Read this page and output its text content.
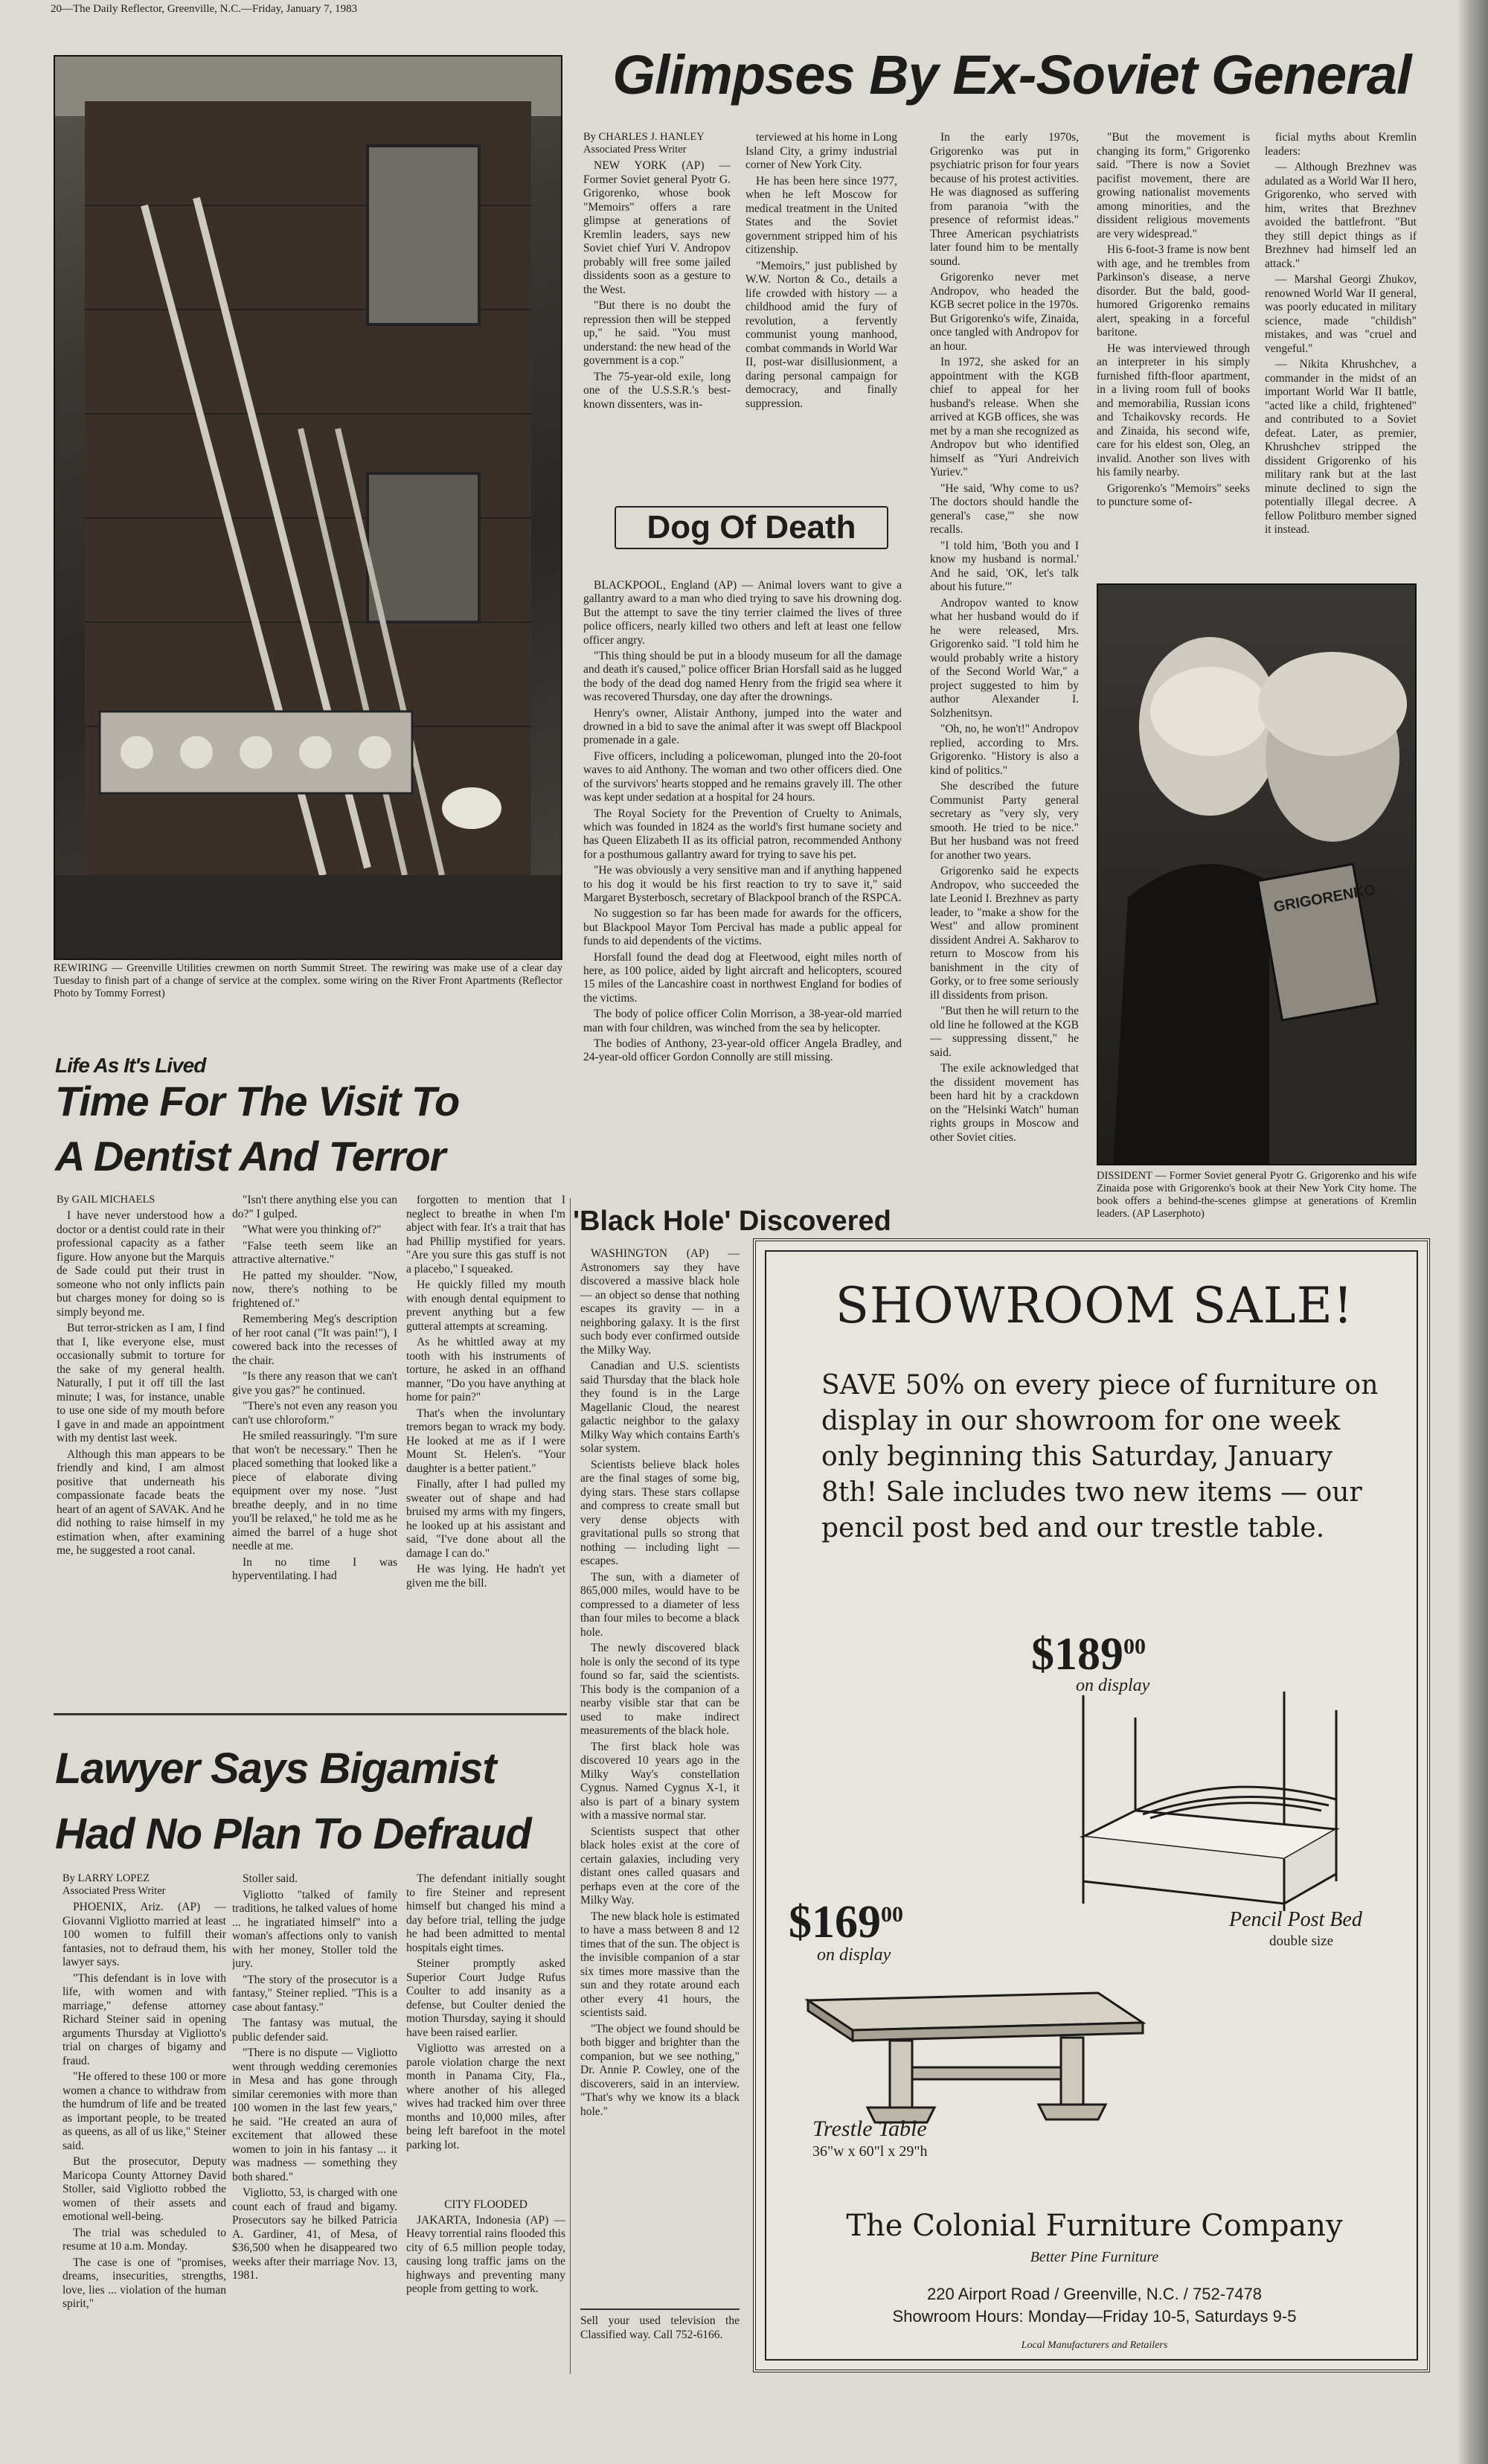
20—The Daily Reflector, Greenville, N.C.—Friday, January 7, 1983
REWIRING — Greenville Utilities crewmen on north Summit Street. The rewiring was make use of a clear day Tuesday to finish part of a change of service at the complex. some wiring on the River Front Apartments (Reflector Photo by Tommy Forrest)
Glimpses By Ex-Soviet General
By CHARLES J. HANLEY
Associated Press Writer

NEW YORK (AP) — Former Soviet general Pyotr G. Grigorenko, whose book "Memoirs" offers a rare glimpse at generations of Kremlin leaders, says new Soviet chief Yuri V. Andropov probably will free some jailed dissidents soon as a gesture to the West.

"But there is no doubt the repression then will be stepped up," he said. "You must understand: the new head of the government is a cop."

The 75-year-old exile, long one of the U.S.S.R.'s best-known dissenters, was in-

terviewed at his home in Long Island City, a grimy industrial corner of New York City.

He has been here since 1977, when he left Moscow for medical treatment in the United States and the Soviet government stripped him of his citizenship.

"Memoirs," just published by W.W. Norton & Co., details a life crowded with history — a childhood amid the fury of revolution, a fervently communist young manhood, combat commands in World War II, post-war disillusionment, a daring personal campaign for democracy, and finally suppression.

In the early 1970s, Grigorenko was put in psychiatric prison for four years because of his protest activities. He was diagnosed as suffering from paranoia "with the presence of reformist ideas." Three American psychiatrists later found him to be mentally sound.

Grigorenko never met Andropov, who headed the KGB secret police in the 1970s. But Grigorenko's wife, Zinaida, once tangled with Andropov for an hour.

In 1972, she asked for an appointment with the KGB chief to appeal for her husband's release. When she arrived at KGB offices, she was met by a man she recognized as Andropov but who identified himself as "Yuri Andreivich Yuriev."

"He said, 'Why come to us? The doctors should handle the general's case,'" she now recalls.

"I told him, 'Both you and I know my husband is normal.' And he said, 'OK, let's talk about his future.'"

Andropov wanted to know what her husband would do if he were released, Mrs. Grigorenko said. "I told him he would probably write a history of the Second World War," a project suggested to him by author Alexander I. Solzhenitsyn.

"Oh, no, he won't!" Andropov replied, according to Mrs. Grigorenko. "History is also a kind of politics."

She described the future Communist Party general secretary as "very sly, very smooth. He tried to be nice." But her husband was not freed for another two years.

Grigorenko said he expects Andropov, who succeeded the late Leonid I. Brezhnev as party leader, to "make a show for the West" and allow prominent dissident Andrei A. Sakharov to return to Moscow from his banishment in the city of Gorky, or to free some seriously ill dissidents from prison.

"But then he will return to the old line he followed at the KGB — suppressing dissent," he said.

The exile acknowledged that the dissident movement has been hard hit by a crackdown on the "Helsinki Watch" human rights groups in Moscow and other Soviet cities.

"But the movement is changing its form," Grigorenko said. "There is now a Soviet pacifist movement, there are growing nationalist movements among minorities, and the dissident religious movements are very widespread."

His 6-foot-3 frame is now bent with age, and he trembles from Parkinson's disease, a nerve disorder. But the bald, good-humored Grigorenko remains alert, speaking in a forceful baritone.

He was interviewed through an interpreter in his simply furnished fifth-floor apartment, in a living room full of books and memorabilia, Russian icons and Tchaikovsky records. He and Zinaida, his second wife, care for his eldest son, Oleg, an invalid. Another son lives with his family nearby.

Grigorenko's "Memoirs" seeks to puncture some of-

ficial myths about Kremlin leaders:

— Although Brezhnev was adulated as a World War II hero, Grigorenko, who served with him, writes that Brezhnev avoided the battlefront. "But they still depict things as if Brezhnev had himself led an attack."

— Marshal Georgi Zhukov, renowned World War II general, was poorly educated in military science, made "childish" mistakes, and was "cruel and vengeful."

— Nikita Khrushchev, a commander in the midst of an important World War II battle, "acted like a child, frightened" and contributed to a Soviet defeat. Later, as premier, Khrushchev stripped the dissident Grigorenko of his military rank but at the last minute declined to sign the potentially illegal decree. A fellow Politburo member signed it instead.

GRIGORENKO
DISSIDENT — Former Soviet general Pyotr G. Grigorenko and his wife Zinaida pose with Grigorenko's book at their New York City home. The book offers a behind-the-scenes glimpse at generations of Kremlin leaders. (AP Laserphoto)
Dog Of Death

BLACKPOOL, England (AP) — Animal lovers want to give a gallantry award to a man who died trying to save his drowning dog. But the attempt to save the tiny terrier claimed the lives of three police officers, nearly killed two others and left at least one fellow officer angry.

"This thing should be put in a bloody museum for all the damage and death it's caused," police officer Brian Horsfall said as he lugged the body of the dead dog named Henry from the frigid sea where it was recovered Thursday, one day after the drownings.

Henry's owner, Alistair Anthony, jumped into the water and drowned in a bid to save the animal after it was swept off Blackpool promenade in a gale.

Five officers, including a policewoman, plunged into the 20-foot waves to aid Anthony. The woman and two other officers died. One of the survivors' hearts stopped and he remains gravely ill. The other was kept under sedation at a hospital for 24 hours.

The Royal Society for the Prevention of Cruelty to Animals, which was founded in 1824 as the world's first humane society and has Queen Elizabeth II as its official patron, recommended Anthony for a posthumous gallantry award for trying to save his pet.

"He was obviously a very sensitive man and if anything happened to his dog it would be his first reaction to try to save it," said Margaret Bysterbosch, secretary of Blackpool branch of the RSPCA.

No suggestion so far has been made for awards for the officers, but Blackpool Mayor Tom Percival has made a public appeal for funds to aid dependents of the victims.

Horsfall found the dead dog at Fleetwood, eight miles north of here, as 100 police, aided by light aircraft and helicopters, scoured 15 miles of the Lancashire coast in northwest England for bodies of the victims.

The body of police officer Colin Morrison, a 38-year-old married man with four children, was winched from the sea by helicopter.

The bodies of Anthony, 23-year-old officer Angela Bradley, and 24-year-old officer Gordon Connolly are still missing.

Life As It's Lived
Time For The Visit To
A Dentist And Terror
By GAIL MICHAELS

I have never understood how a doctor or a dentist could rate in their professional capacity as a father figure. How anyone but the Marquis de Sade could put their trust in someone who not only inflicts pain but charges money for doing so is simply beyond me.

But terror-stricken as I am, I find that I, like everyone else, must occasionally submit to torture for the sake of my general health. Naturally, I put it off till the last minute; I was, for instance, unable to use one side of my mouth before I gave in and made an appointment with my dentist last week.

Although this man appears to be friendly and kind, I am almost positive that underneath his compassionate facade beats the heart of an agent of SAVAK. And he did nothing to raise himself in my estimation when, after examining me, he suggested a root canal.

"Isn't there anything else you can do?" I gulped.

"What were you thinking of?"

"False teeth seem like an attractive alternative."

He patted my shoulder. "Now, now, there's nothing to be frightened of."

Remembering Meg's description of her root canal ("It was pain!"), I cowered back into the recesses of the chair.

"Is there any reason that we can't give you gas?" he continued.

"There's not even any reason you can't use chloroform."

He smiled reassuringly. "I'm sure that won't be necessary." Then he placed something that looked like a piece of elaborate diving equipment over my nose. "Just breathe deeply, and in no time you'll be relaxed," he told me as he aimed the barrel of a huge shot needle at me.

In no time I was hyperventilating. I had

forgotten to mention that I neglect to breathe in when I'm abject with fear. It's a trait that has had Phillip mystified for years. "Are you sure this gas stuff is not a placebo," I squeaked.

He quickly filled my mouth with enough dental equipment to prevent anything but a few gutteral attempts at screaming.

As he whittled away at my tooth with his instruments of torture, he asked in an offhand manner, "Do you have anything at home for pain?"

That's when the involuntary tremors began to wrack my body. He looked at me as if I were Mount St. Helen's. "Your daughter is a better patient."

Finally, after I had pulled my sweater out of shape and had bruised my arms with my fingers, he looked up at his assistant and said, "I've done about all the damage I can do."

He was lying. He hadn't yet given me the bill.

Lawyer Says Bigamist
Had No Plan To Defraud
By LARRY LOPEZ
Associated Press Writer

PHOENIX, Ariz. (AP) — Giovanni Vigliotto married at least 100 women to fulfill their fantasies, not to defraud them, his lawyer says.

"This defendant is in love with life, with women and with marriage," defense attorney Richard Steiner said in opening arguments Thursday at Vigliotto's trial on charges of bigamy and fraud.

"He offered to these 100 or more women a chance to withdraw from the humdrum of life and be treated as important people, to be treated as queens, as all of us like," Steiner said.

But the prosecutor, Deputy Maricopa County Attorney David Stoller, said Vigliotto robbed the women of their assets and emotional well-being.

The trial was scheduled to resume at 10 a.m. Monday.

The case is one of "promises, dreams, insecurities, strengths, love, lies ... violation of the human spirit,"

Stoller said.

Vigliotto "talked of family traditions, he talked values of home ... he ingratiated himself" into a woman's affections only to vanish with her money, Stoller told the jury.

"The story of the prosecutor is a fantasy," Steiner replied. "This is a case about fantasy."

The fantasy was mutual, the public defender said.

"There is no dispute — Vigliotto went through wedding ceremonies in Mesa and has gone through similar ceremonies with more than 100 women in the last few years," he said. "He created an aura of excitement that allowed these women to join in his fantasy ... it was madness — something they both shared."

Vigliotto, 53, is charged with one count each of fraud and bigamy. Prosecutors say he bilked Patricia A. Gardiner, 41, of Mesa, of $36,500 when he disappeared two weeks after their marriage Nov. 13, 1981.

The defendant initially sought to fire Steiner and represent himself but changed his mind a day before trial, telling the judge he had been admitted to mental hospitals eight times.

Steiner promptly asked Superior Court Judge Rufus Coulter to add insanity as a defense, but Coulter denied the motion Thursday, saying it should have been raised earlier.

Vigliotto was arrested on a parole violation charge the next month in Panama City, Fla., where another of his alleged wives had tracked him over three months and 10,000 miles, after being left barefoot in the motel parking lot.

CITY FLOODED

JAKARTA, Indonesia (AP) — Heavy torrential rains flooded this city of 6.5 million people today, causing long traffic jams on the highways and preventing many people from getting to work.

'Black Hole' Discovered

WASHINGTON (AP) — Astronomers say they have discovered a massive black hole — an object so dense that nothing escapes its gravity — in a neighboring galaxy. It is the first such body ever confirmed outside the Milky Way.

Canadian and U.S. scientists said Thursday that the black hole they found is in the Large Magellanic Cloud, the nearest galactic neighbor to the galaxy Milky Way which contains Earth's solar system.

Scientists believe black holes are the final stages of some big, dying stars. These stars collapse and compress to create small but very dense objects with gravitational pulls so strong that nothing — including light — escapes.

The sun, with a diameter of 865,000 miles, would have to be compressed to a diameter of less than four miles to become a black hole.

The newly discovered black hole is only the second of its type found so far, said the scientists. This body is the companion of a nearby visible star that can be used to make indirect measurements of the black hole.

The first black hole was discovered 10 years ago in the Milky Way's constellation Cygnus. Named Cygnus X-1, it also is part of a binary system with a massive normal star.

Scientists suspect that other black holes exist at the core of certain galaxies, including very distant ones called quasars and perhaps even at the core of the Milky Way.

The new black hole is estimated to have a mass between 8 and 12 times that of the sun. The object is the invisible companion of a star six times more massive than the sun and they rotate around each other every 41 hours, the scientists said.

"The object we found should be both bigger and brighter than the companion, but we see nothing," Dr. Annie P. Cowley, one of the discoverers, said in an interview. "That's why we know its a black hole."

Sell your used television the Classified way. Call 752-6166.
SHOWROOM SALE!
SAVE 50% on every piece of furniture on display in our showroom for one week only beginning this Saturday, January 8th! Sale includes two new items — our pencil post bed and our trestle table.
$\$189^{00}$
on display
Pencil Post Bed
double size
$\$169^{00}$
on display
Trestle Table
36"w x 60"l x 29"h
The Colonial Furniture Company
Better Pine Furniture
220 Airport Road / Greenville, N.C. / 752-7478
Showroom Hours: Monday—Friday 10-5, Saturdays 9-5
Local Manufacturers and Retailers
